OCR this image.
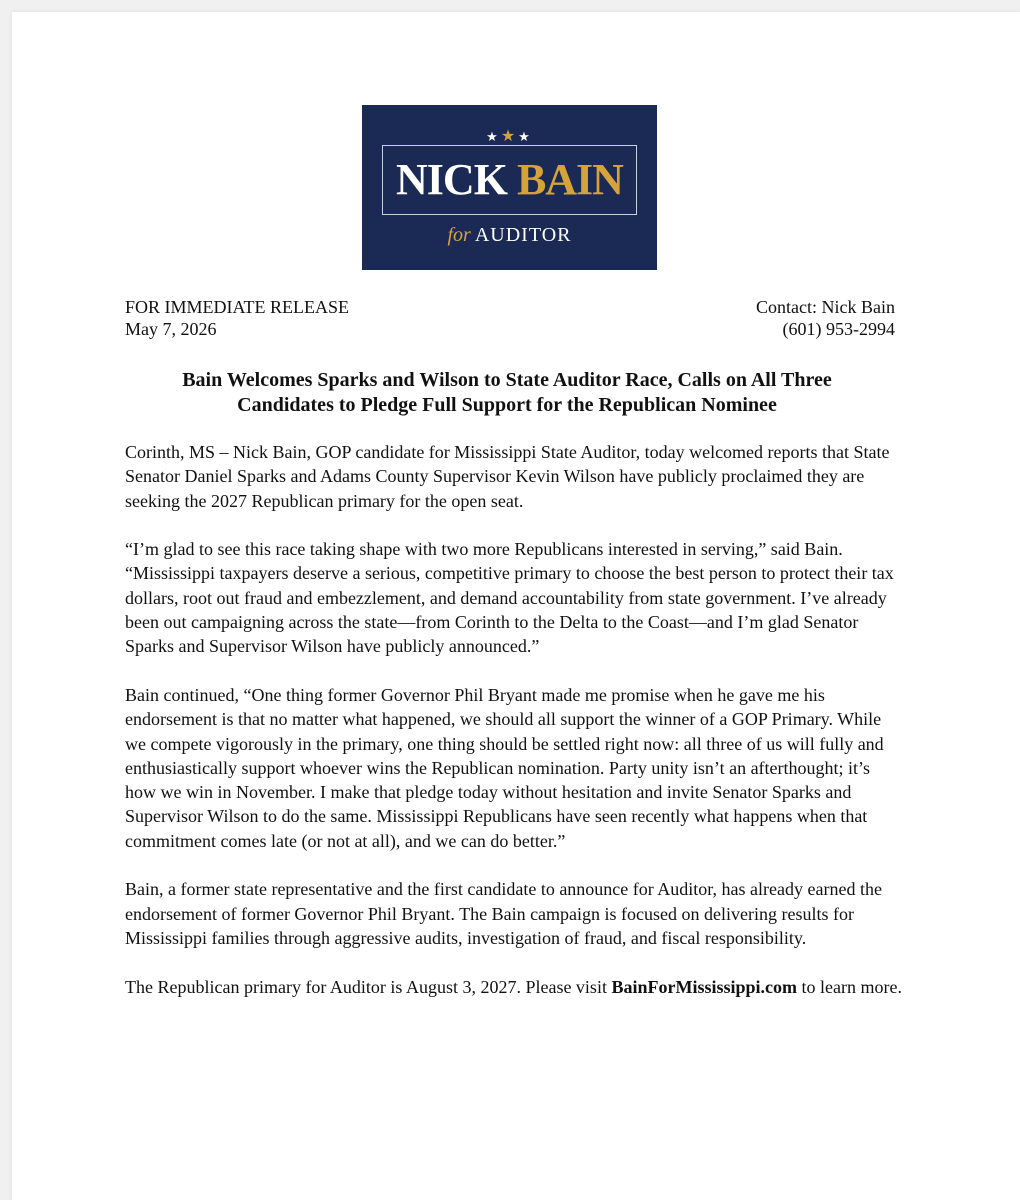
★★★
NICK BAIN
for AUDITOR
FOR IMMEDIATE RELEASE
May 7, 2026
Contact: Nick Bain
(601) 953-2994
Bain Welcomes Sparks and Wilson to State Auditor Race, Calls on All Three
Candidates to Pledge Full Support for the Republican Nominee

Corinth, MS – Nick Bain, GOP candidate for Mississippi State Auditor, today welcomed reports that State Senator Daniel Sparks and Adams County Supervisor Kevin Wilson have publicly proclaimed they are seeking the 2027 Republican primary for the open seat.

“I’m glad to see this race taking shape with two more Republicans interested in serving,” said Bain. “Mississippi taxpayers deserve a serious, competitive primary to choose the best person to protect their tax dollars, root out fraud and embezzlement, and demand accountability from state government. I’ve already been out campaigning across the state—from Corinth to the Delta to the Coast—and I’m glad Senator Sparks and Supervisor Wilson have publicly announced.”

Bain continued, “One thing former Governor Phil Bryant made me promise when he gave me his endorsement is that no matter what happened, we should all support the winner of a GOP Primary. While we compete vigorously in the primary, one thing should be settled right now: all three of us will fully and enthusiastically support whoever wins the Republican nomination. Party unity isn’t an afterthought; it’s how we win in November. I make that pledge today without hesitation and invite Senator Sparks and Supervisor Wilson to do the same. Mississippi Republicans have seen recently what happens when that commitment comes late (or not at all), and we can do better.”

Bain, a former state representative and the first candidate to announce for Auditor, has already earned the endorsement of former Governor Phil Bryant. The Bain campaign is focused on delivering results for Mississippi families through aggressive audits, investigation of fraud, and fiscal responsibility.

The Republican primary for Auditor is August 3, 2027. Please visit BainForMississippi.com to learn more.
